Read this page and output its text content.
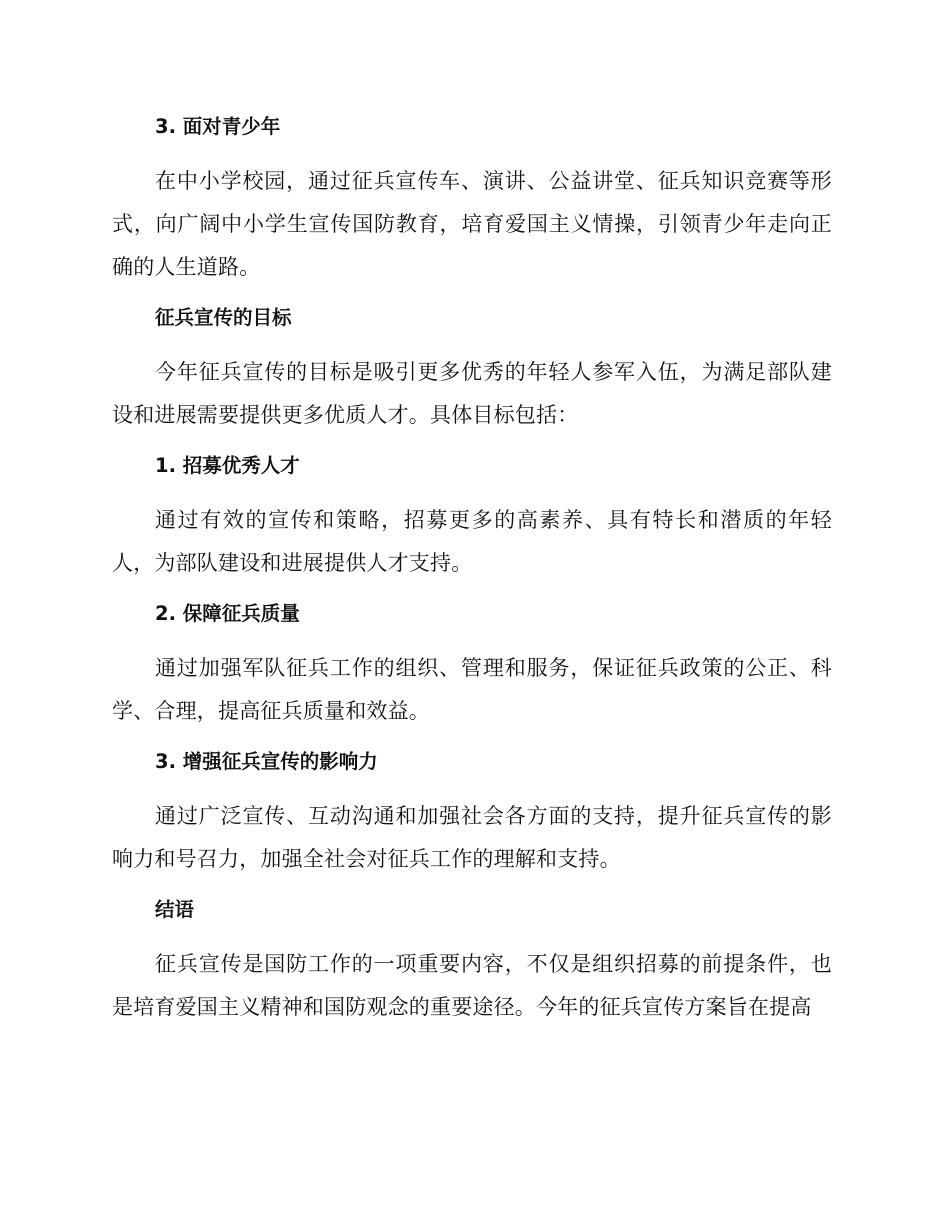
3. 面对青少年

在中小学校园，通过征兵宣传车、演讲、公益讲堂、征兵知识竞赛等形式，向广阔中小学生宣传国防教育，培育爱国主义情操，引领青少年走向正确的人生道路。

征兵宣传的目标

今年征兵宣传的目标是吸引更多优秀的年轻人参军入伍，为满足部队建设和进展需要提供更多优质人才。具体目标包括：

1. 招募优秀人才

通过有效的宣传和策略，招募更多的高素养、具有特长和潜质的年轻人，为部队建设和进展提供人才支持。

2. 保障征兵质量

通过加强军队征兵工作的组织、管理和服务，保证征兵政策的公正、科学、合理，提高征兵质量和效益。

3. 增强征兵宣传的影响力

通过广泛宣传、互动沟通和加强社会各方面的支持，提升征兵宣传的影响力和号召力，加强全社会对征兵工作的理解和支持。

结语

征兵宣传是国防工作的一项重要内容，不仅是组织招募的前提条件，也是培育爱国主义精神和国防观念的重要途径。今年的征兵宣传方案旨在提高
